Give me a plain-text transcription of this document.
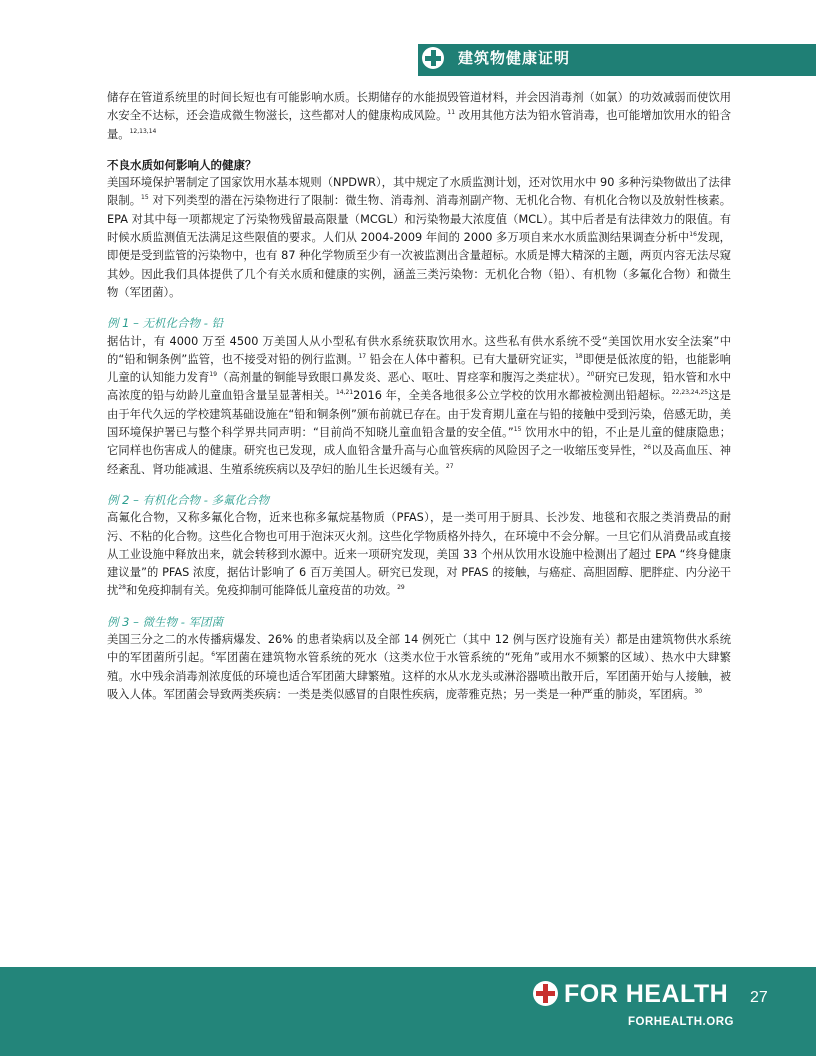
建筑物健康证明

储存在管道系统里的时间长短也有可能影响水质。长期储存的水能损毁管道材料，并会因消毒剂（如氯）的功效减弱而使饮用水安全不达标，还会造成微生物滋长，这些都对人的健康构成风险。$^{11}$ 改用其他方法为铅水管消毒，也可能增加饮用水的铅含量。$^{12,13,14}$

不良水质如何影响人的健康？

美国环境保护署制定了国家饮用水基本规则（NPDWR），其中规定了水质监测计划，还对饮用水中 90 多种污染物做出了法律限制。$^{15}$ 对下列类型的潜在污染物进行了限制：微生物、消毒剂、消毒剂副产物、无机化合物、有机化合物以及放射性核素。EPA 对其中每一项都规定了污染物残留最高限量（MCGL）和污染物最大浓度值（MCL）。其中后者是有法律效力的限值。有时候水质监测值无法满足这些限值的要求。人们从 2004-2009 年间的 2000 多万项自来水水质监测结果调查分析中$^{16}$发现，即便是受到监管的污染物中，也有 87 种化学物质至少有一次被监测出含量超标。水质是博大精深的主题，两页内容无法尽窥其妙。因此我们具体提供了几个有关水质和健康的实例，涵盖三类污染物：无机化合物（铅）、有机物（多氟化合物）和微生物（军团菌）。

例 1 – 无机化合物 - 铅

据估计，有 4000 万至 4500 万美国人从小型私有供水系统获取饮用水。这些私有供水系统不受“美国饮用水安全法案”中的“铅和铜条例”监管，也不接受对铅的例行监测。$^{17}$ 铅会在人体中蓄积。已有大量研究证实，$^{18}$即便是低浓度的铅，也能影响儿童的认知能力发育$^{19}$（高剂量的铜能导致眼口鼻发炎、恶心、呕吐、胃痉挛和腹泻之类症状）。$^{20}$研究已发现，铅水管和水中高浓度的铅与幼龄儿童血铅含量呈显著相关。$^{14,21}$2016 年，全美各地很多公立学校的饮用水都被检测出铅超标。$^{22,23,24,25}$这是由于年代久远的学校建筑基础设施在“铅和铜条例”颁布前就已存在。由于发育期儿童在与铅的接触中受到污染，倍感无助，美国环境保护署已与整个科学界共同声明：“目前尚不知晓儿童血铅含量的安全值。”$^{15}$ 饮用水中的铅，不止是儿童的健康隐患；它同样也伤害成人的健康。研究也已发现，成人血铅含量升高与心血管疾病的风险因子之一收缩压变异性，$^{26}$以及高血压、神经紊乱、肾功能减退、生殖系统疾病以及孕妇的胎儿生长迟缓有关。$^{27}$

例 2 – 有机化合物 - 多氟化合物

高氟化合物，又称多氟化合物，近来也称多氟烷基物质（PFAS），是一类可用于厨具、长沙发、地毯和衣服之类消费品的耐污、不粘的化合物。这些化合物也可用于泡沫灭火剂。这些化学物质格外持久，在环境中不会分解。一旦它们从消费品或直接从工业设施中释放出来，就会转移到水源中。近来一项研究发现，美国 33 个州从饮用水设施中检测出了超过 EPA “终身健康建议量”的 PFAS 浓度，据估计影响了 6 百万美国人。研究已发现，对 PFAS 的接触，与癌症、高胆固醇、肥胖症、内分泌干扰$^{28}$和免疫抑制有关。免疫抑制可能降低儿童疫苗的功效。$^{29}$

例 3 – 微生物 - 军团菌

美国三分之二的水传播病爆发、26% 的患者染病以及全部 14 例死亡（其中 12 例与医疗设施有关）都是由建筑物供水系统中的军团菌所引起。$^6$军团菌在建筑物水管系统的死水（这类水位于水管系统的“死角”或用水不频繁的区域）、热水中大肆繁殖。水中残余消毒剂浓度低的环境也适合军团菌大肆繁殖。这样的水从水龙头或淋浴器喷出散开后，军团菌开始与人接触，被吸入人体。军团菌会导致两类疾病：一类是类似感冒的自限性疾病，庞蒂雅克热；另一类是一种严重的肺炎，军团病。$^{30}$

FOR HEALTH 27
FORHEALTH.ORG
